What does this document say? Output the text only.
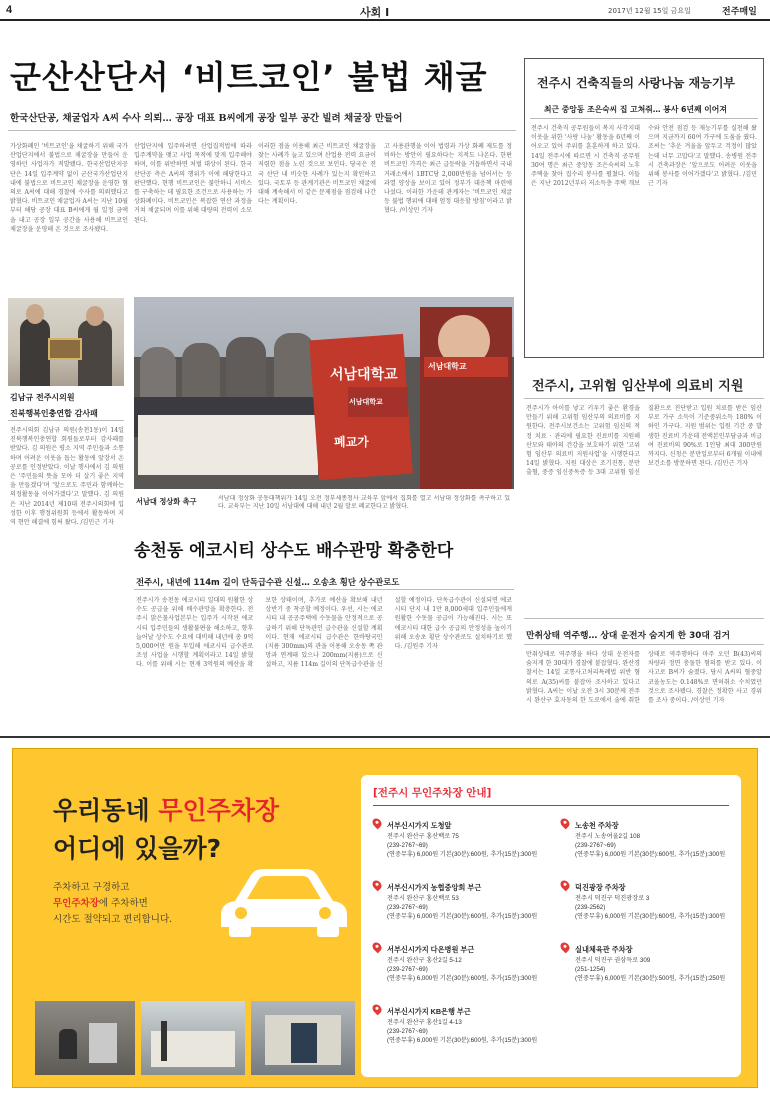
4	사회 Ⅰ	2017년 12월 15일 금요일	전주매일
군산산단서 ‘비트코인’ 불법 채굴
한국산단공, 채굴업자 A씨 수사 의뢰… 공장 대표 B씨에게 공장 일부 공간 빌려 채굴장 만들어
가상화폐인 '비트코인'을 채굴하기 위해 국가산업단지에서 불법으로 채굴장을 만들어 운영하던 사업자가 적발됐다. 한국산업단지공단은 14일 입주계약 없이 군산국가산업단지 내에 불법으로 비트코인 채굴장을 운영한 혐의로 A씨에 대해 경찰에 수사를 의뢰했다고 밝혔다. 비트코인 채굴업자 A씨는 지난 10월부터 해당 공장 대표 B씨에게 월 일정 금액을 내고 공장 일부 공간을 사용해 비트코인 채굴장을 운영해 온 것으로 조사됐다.
산업단지에 입주하려면 산업집적법에 따라 입주계약을 맺고 사업 목적에 맞게 입주해야 하며, 이를 위반하면 처벌 대상이 된다. 한국산단공 측은 A씨의 행위가 이에 해당한다고 판단했다. 현행 비트코인은 불안하니 서비스를 구축하는 데 필요한 조건으로 사용하는 가상화폐이다. 비트코인은 복잡한 연산 과정을 거쳐 채굴되며 이를 위해 대량의 전력이 소모된다.
이러한 점을 이용해 최근 비트코인 채굴장을 찾는 사례가 늘고 있으며 산업용 전력 요금이 저렴한 점을 노린 것으로 보인다. 당국은 전국 산단 내 비슷한 사례가 있는지 확인하고 있다. 국토부 등 관계기관은 비트코인 채굴에 대해 계속해서 이 같은 문제점을 점검해 나간다는 계획이다.
고 사용관행을 이어 법령과 가상 화폐 제도를 정비하는 방안이 필요하다는 지적도 나온다. 한편 비트코인 가격은 최근 급등락을 거듭하면서 국내 거래소에서 1BTC당 2,000만원을 넘어서는 등 과열 양상을 보이고 있어 정부가 대응책 마련에 나섰다. 이러한 가운데 관계자는 '비트코인 채굴 등 불법 행위에 대해 엄정 대응할 방침'이라고 밝혔다. /이상민 기자
전주시 건축직들의 사랑나눔 재능기부
최근 중앙동 조은숙씨 집 고쳐줘… 봉사 6년째 이어져
전주시 건축직 공무원들이 복지 사각지대 이웃을 위한 '사랑 나눔' 활동을 6년째 이어오고 있어 주위를 훈훈하게 하고 있다. 14일 전주시에 따르면 시 건축직 공무원 30여 명은 최근 중앙동 조은숙씨의 노후 주택을 찾아 집수리 봉사를 펼쳤다. 이들은 지난 2012년부터 저소득층 주택 개보수와 안전 점검 등 재능기부를 실천해 왔으며 지금까지 60여 가구에 도움을 줬다. 조씨는 '추운 겨울을 앞두고 걱정이 많았는데 너무 고맙다'고 말했다. 송병원 전주시 건축과장은 '앞으로도 어려운 이웃을 위해 봉사를 이어가겠다'고 밝혔다. /김민근 기자
김남규 전주시의원
진북행복인충연합 감사패
전주시의회 김남규 의원(송천1동)이 14일 진북행복인충연합 회원들로부터 감사패를 받았다. 김 의원은 평소 지역 주민들과 소통하며 어려운 이웃을 돕는 활동에 앞장서 온 공로를 인정받았다. 이날 행사에서 김 의원은 '주민들의 뜻을 모아 더 살기 좋은 지역을 만들겠다'며 '앞으로도 주민과 함께하는 의정활동을 이어가겠다'고 말했다. 김 의원은 지난 2014년 제10대 전주시의회에 입성한 이후 행정위원회 등에서 활동하며 지역 현안 해결에 힘써 왔다. /김민근 기자
서남대학교
폐교가
서남대학교
서남대학교
서남대 정상화 촉구	서남대 정상화 공동대책위가 14일 오전 정부세종청사 교육부 앞에서 집회를 열고 서남대 정상화를 촉구하고 있다. 교육부는 지난 10일 서남대에 대해 내년 2월 말로 폐교한다고 밝혔다.
송천동 에코시티 상수도 배수관망 확충한다
전주시, 내년에 114m 길이 단독급수관 신설… 오송초 횡단 상수관로도
전주시가 송천동 에코시티 일대의 원활한 상수도 공급을 위해 배수관망을 확충한다. 전주시 맑은물사업본부는 입주가 시작된 에코시티 입주민들의 생활불편을 해소하고, 향후 늘어날 상수도 수요에 대비해 내년에 총 9억5,000여만 원을 투입해 에코시티 급수관로 조성 사업을 시행할 계획이라고 14일 밝혔다. 이를 위해 시는 현재 3억원의 예산을 확보한 상태이며, 추가로 예산을 확보해 내년 상반기 중 착공할 예정이다. 우선, 시는 에코시티 내 공공주택에 수돗물을 안정적으로 공급하기 위해 단독관인 급수관을 신설할 계획이다. 현재 에코시티 급수관은 한바탕국민(지름 300mm)의 관을 이용해 오송동 쪽 관망과 연계돼 있으나 200mm(지름)으로 신설하고, 지름 114m 길이의 단독급수관을 신설할 예정이다. 단독급수관이 신설되면 에코시티 단지 내 1만 8,000세대 입주민들에게 원활한 수돗물 공급이 가능해진다. 시는 또 에코시티 대한 급수 공급의 안정성을 높이기 위해 오송초 횡단 상수관로도 설치하기로 했다. /김원주 기자
전주시, 고위험 임산부에 의료비 지원
전주시가 아이를 낳고 키우기 좋은 환경을 만들기 위해 고위험 임산부의 의료비를 지원한다. 전주시보건소는 고위험 임신의 적정 치료 · 관리에 필요한 진료비를 지원해 산모와 태아의 건강을 보호하기 위한 '고위험 임산부 의료비 지원사업'을 시행한다고 14일 밝혔다. 지원 대상은 조기진통, 분만 출혈, 중증 임신중독증 등 3대 고위험 임신질환으로 진단받고 입원 치료를 받은 임산부로 가구 소득이 기준중위소득 180% 이하인 가구다. 지원 범위는 입원 기간 중 발생한 진료비 가운데 전액본인부담금과 비급여 진료비의 90%로 1인당 최대 300만원까지다. 신청은 분만일로부터 6개월 이내에 보건소를 방문하면 된다. /김민근 기자
만취상태 역주행… 상대 운전자 숨지게 한 30대 검거
만취상태로 역주행을 하다 상대 운전자를 숨지게 한 30대가 경찰에 붙잡혔다. 완산경찰서는 14일 교통사고처리특례법 위반 혐의로 A(35)씨를 붙잡아 조사하고 있다고 밝혔다. A씨는 이날 오전 3시 30분께 전주시 완산구 효자동의 한 도로에서 술에 취한 상태로 역주행하다 마주 오던 B(43)씨의 차량과 정면 충돌한 혐의를 받고 있다. 이 사고로 B씨가 숨졌다. 당시 A씨의 혈중알코올농도는 0.148%로 면허취소 수치였던 것으로 조사됐다. 경찰은 정확한 사고 경위를 조사 중이다. /이상민 기자
우리동네 무인주차장
어디에 있을까?
주차하고 구경하고
무인주차장에 주차하면
시간도 절약되고 편리합니다.
[전주시 무인주차장 안내]
서부신시가지 도청앞
전주시 완산구 홍산백로 75
(239-2767~69)
(연중무휴) 6,000원 기본(30분):600원, 추가(15분):300원
서부신시가지 농협중앙회 부근
전주시 완산구 홍산백로 53
(239-2767~69)
(연중무휴) 6,000원 기본(30분):600원, 추가(15분):300원
서부신시가지 다온병원 부근
전주시 완산구 홍산2길 5-12
(239-2767~69)
(연중무휴) 6,000원 기본(30분):600원, 추가(15분):300원
서부신시가지 KB은행 부근
전주시 완산구 홍산1길 4-13
(239-2767~69)
(연중무휴) 6,000원 기본(30분):600원, 추가(15분):300원
노송천 주차장
전주시 노송여울2길 108
(239-2767~69)
(연중무휴) 6,000원 기본(30분):600원, 추가(15분):300원
덕진광장 주차장
전주시 덕진구 덕진광장로 3
(239-2562)
(연중무휴) 6,000원 기본(30분):600원, 추가(15분):300원
실내체육관 주차장
전주시 덕진구 권삼득로 309
(251-1254)
(연중무휴) 6,000원 기본(30분):500원, 추가(15분):250원
